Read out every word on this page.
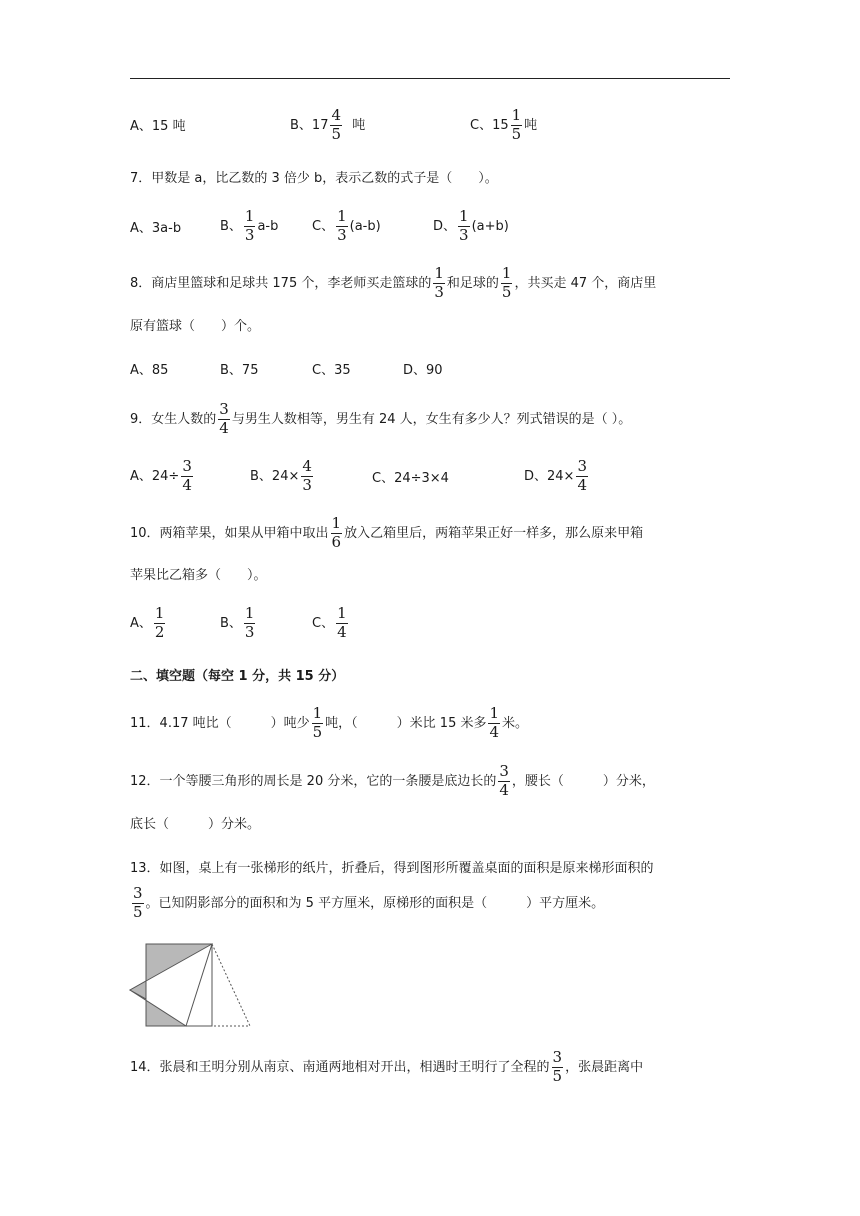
A、15 吨	B、$17 \frac{4}{5}$ 吨	C、$15 \frac{1}{5}$ 吨
7．甲数是 a，比乙数的 3 倍少 b，表示乙数的式子是（　　）。
A、3a-b	B、 $\frac{1}{3} a-b$	C、 $\frac{1}{3} (a-b)$	D、 $\frac{1}{3} (a+b)$
8．商店里篮球和足球共 175 个，李老师买走篮球的 $\frac{1}{3}$ 和足球的 $\frac{1}{5}$ ，共买走 47 个，商店里
原有篮球（　　）个。
A、85	B、75	C、35	D、90
9．女生人数的 $\frac{3}{4}$ 与男生人数相等，男生有 24 人，女生有多少人？列式错误的是（ ）。
A、$24\div \frac{3}{4}$	B、$24\times \frac{4}{3}$	C、24÷3×4	D、$24\times \frac{3}{4}$
10．两箱苹果，如果从甲箱中取出 $\frac{1}{6}$ 放入乙箱里后，两箱苹果正好一样多，那么原来甲箱
苹果比乙箱多（　　）。
A、 $\frac{1}{2}$	B、 $\frac{1}{3}$	C、 $\frac{1}{4}$
二、填空题（每空 1 分，共 15 分）
11．4.17 吨比（　　　）吨少 $\frac{1}{5}$ 吨，（　　　）米比 15 米多 $\frac{1}{4}$ 米。
12．一个等腰三角形的周长是 20 分米，它的一条腰是底边长的 $\frac{3}{4}$ ，腰长（　　　）分米，
底长（　　　）分米。
13．如图，桌上有一张梯形的纸片，折叠后，得到图形所覆盖桌面的面积是原来梯形面积的
$\frac{3}{5}$ 。已知阴影部分的面积和为 5 平方厘米，原梯形的面积是（　　　）平方厘米。
14．张晨和王明分别从南京、南通两地相对开出，相遇时王明行了全程的 $\frac{3}{5}$ ，张晨距离中
